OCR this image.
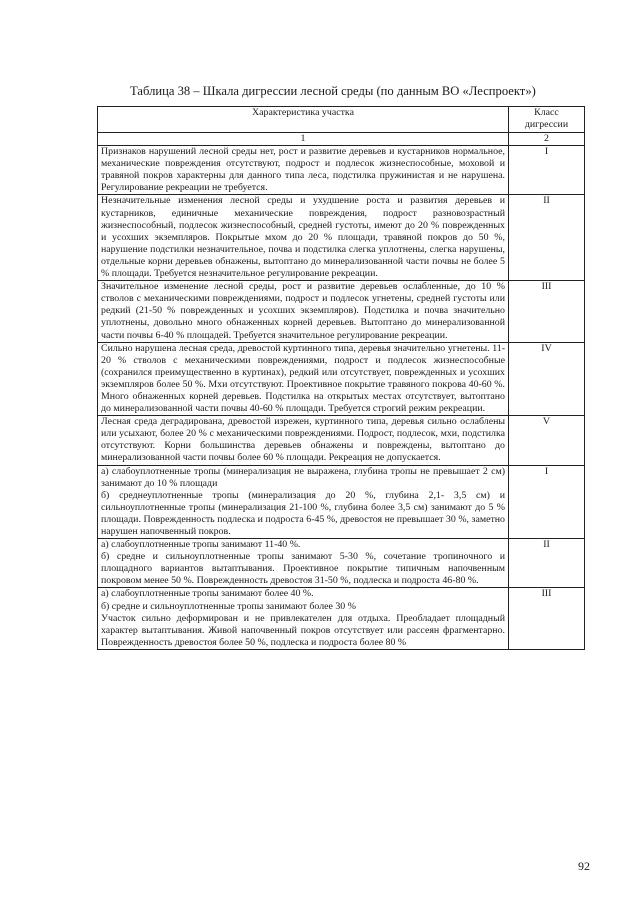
Таблица 38 – Шкала дигрессии лесной среды (по данным ВО «Леспроект»)
Характеристика участка	Класс дигрессии
1	2
Признаков нарушений лесной среды нет, рост и развитие деревьев и кустарников нормальное, механические повреждения отсутствуют, подрост и подлесок жизнеспособные, моховой и травяной покров характерны для данного типа леса, подстилка пружинистая и не нарушена. Регулирование рекреации не требуется.	I
Незначительные изменения лесной среды и ухудшение роста и развития деревьев и кустарников, единичные механические повреждения, подрост разновозрастный жизнеспособный, подлесок жизнеспособный, средней густоты, имеют до 20 % поврежденных и усохших экземпляров. Покрытые мхом до 20 % площади, травяной покров до 50 %, нарушение подстилки незначительное, почва и подстилка слегка уплотнены, слегка нарушены, отдельные корни деревьев обнажены, вытоптано до минерализованной части почвы не более 5 % площади. Требуется незначительное регулирование рекреации.	II
Значительное изменение лесной среды, рост и развитие деревьев ослабленные, до 10 % стволов с механическими повреждениями, подрост и подлесок угнетены, средней густоты или редкий (21-50 % поврежденных и усохших экземпляров). Подстилка и почва значительно уплотнены, довольно много обнаженных корней деревьев. Вытоптано до минерализованной части почвы 6-40 % площадей. Требуется значительное регулирование рекреации.	III
Сильно нарушена лесная среда, древостой куртинного типа, деревья значительно угнетены. 11-20 % стволов с механическими повреждениями, подрост и подлесок жизнеспособные (сохранился преимущественно в куртинах), редкий или отсутствует, поврежденных и усохших экземпляров более 50 %. Мхи отсутствуют. Проективное покрытие травяного покрова 40-60 %. Много обнаженных корней деревьев. Подстилка на открытых местах отсутствует, вытоптано до минерализованной части почвы 40-60 % площади. Требуется строгий режим рекреации.	IV
Лесная среда деградирована, древостой изрежен, куртинного типа, деревья сильно ослаблены или усыхают, более 20 % с механическими повреждениями. Подрост, подлесок, мхи, подстилка отсутствуют. Корни большинства деревьев обнажены и повреждены, вытоптано до минерализованной части почвы более 60 % площади. Рекреация не допускается.	V

а) слабоуплотненные тропы (минерализация не выражена, глубина тропы не превышает 2 см) занимают до 10 % площади
б) среднеуплотненные тропы (минерализация до 20 %, глубина 2,1- 3,5 см) и сильноуплотненные тропы (минерализация 21-100 %, глубина более 3,5 см) занимают до 5 % площади. Поврежденность подлеска и подроста 6-45 %, древостоя не превышает 30 %, заметно нарушен напочвенный покров.	I

а) слабоуплотненные тропы занимают 11-40 %.
б) средне и сильноуплотненные тропы занимают 5-30 %, сочетание тропиночного и площадного вариантов вытаптывания. Проективное покрытие типичным напочвенным покровом менее 50 %. Поврежденность древостоя 31-50 %, подлеска и подроста 46-80 %.	II

а) слабоуплотненные тропы занимают более 40 %.
б) средне и сильноуплотненные тропы занимают более 30 %
Участок сильно деформирован и не привлекателен для отдыха. Преобладает площадный характер вытаптывания. Живой напочвенный покров отсутствует или рассеян фрагментарно. Поврежденность древостоя более 50 %, подлеска и подроста более 80 %	III
92
